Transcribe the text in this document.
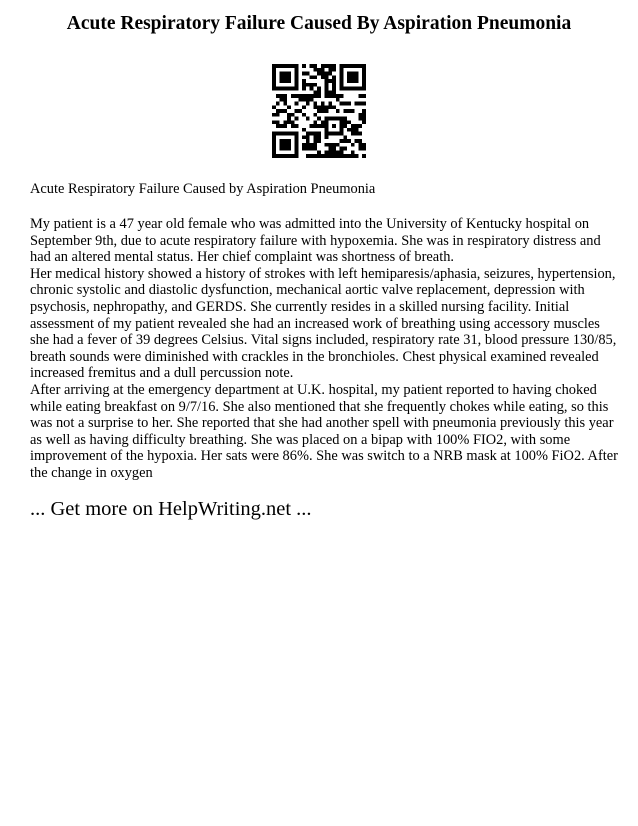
Acute Respiratory Failure Caused By Aspiration Pneumonia
Acute Respiratory Failure Caused by Aspiration Pneumonia

My patient is a 47 year old female who was admitted into the University of Kentucky hospital on

September 9th, due to acute respiratory failure with hypoxemia. She was in respiratory distress and

had an altered mental status. Her chief complaint was shortness of breath.

Her medical history showed a history of strokes with left hemiparesis/aphasia, seizures, hypertension,

chronic systolic and diastolic dysfunction, mechanical aortic valve replacement, depression with

psychosis, nephropathy, and GERDS. She currently resides in a skilled nursing facility. Initial

assessment of my patient revealed she had an increased work of breathing using accessory muscles

she had a fever of 39 degrees Celsius. Vital signs included, respiratory rate 31, blood pressure 130/85,

breath sounds were diminished with crackles in the bronchioles. Chest physical examined revealed

increased fremitus and a dull percussion note.

After arriving at the emergency department at U.K. hospital, my patient reported to having choked

while eating breakfast on 9/7/16. She also mentioned that she frequently chokes while eating, so this

was not a surprise to her. She reported that she had another spell with pneumonia previously this year

as well as having difficulty breathing. She was placed on a bipap with 100% FIO2, with some

improvement of the hypoxia. Her sats were 86%. She was switch to a NRB mask at 100% FiO2. After

the change in oxygen

... Get more on HelpWriting.net ...
